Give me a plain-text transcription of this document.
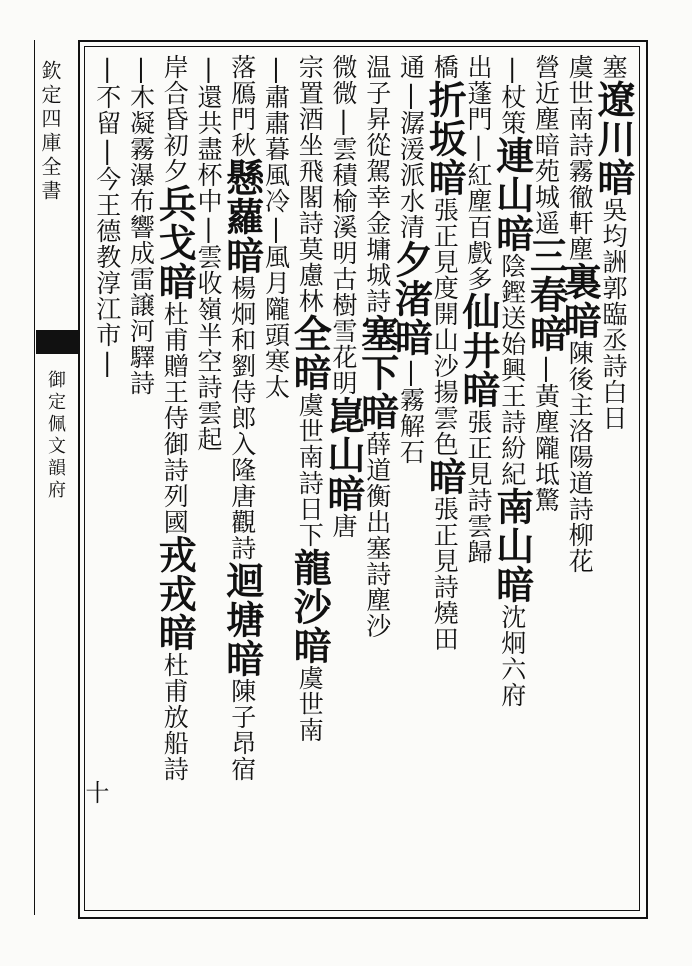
欽定四庫全書
御定佩文韻府
十
塞遼川暗吳均詶郭臨丞詩白日
虞世南詩霧徹軒塵裏暗陳後主洛陽道詩柳花
營近塵暗苑城遥三春暗|黃塵隴坻驚
|杖策連山暗陰鏗送始興王詩紛紀南山暗沈炯六府
出蓬門|紅塵百戲多仙井暗張正見詩雲歸
橋折坂暗張正見度開山沙揚雲色暗張正見詩燒田
通|潺湲派水清夕渚暗|霧解石
温子昇從駕幸金墉城詩塞下暗薛道衡出塞詩塵沙
微微|雲積榆溪明古樹雪花明崑山暗唐
宗置酒坐飛閣詩莫慮林全暗虞世南詩日下龍沙暗虞世南
|肅肅暮風冷|風月隴頭寒太
落鴈門秋懸蘿暗楊炯和劉侍郎入隆唐觀詩迴塘暗陳子昂宿
|還共盡杯中|雲收嶺半空詩雲起
岸合昏初夕兵戈暗杜甫贈王侍御詩列國戎戎暗杜甫放船詩
|木凝霧瀑布響成雷譲河驛詩
|不留|今王德教淳江市|
